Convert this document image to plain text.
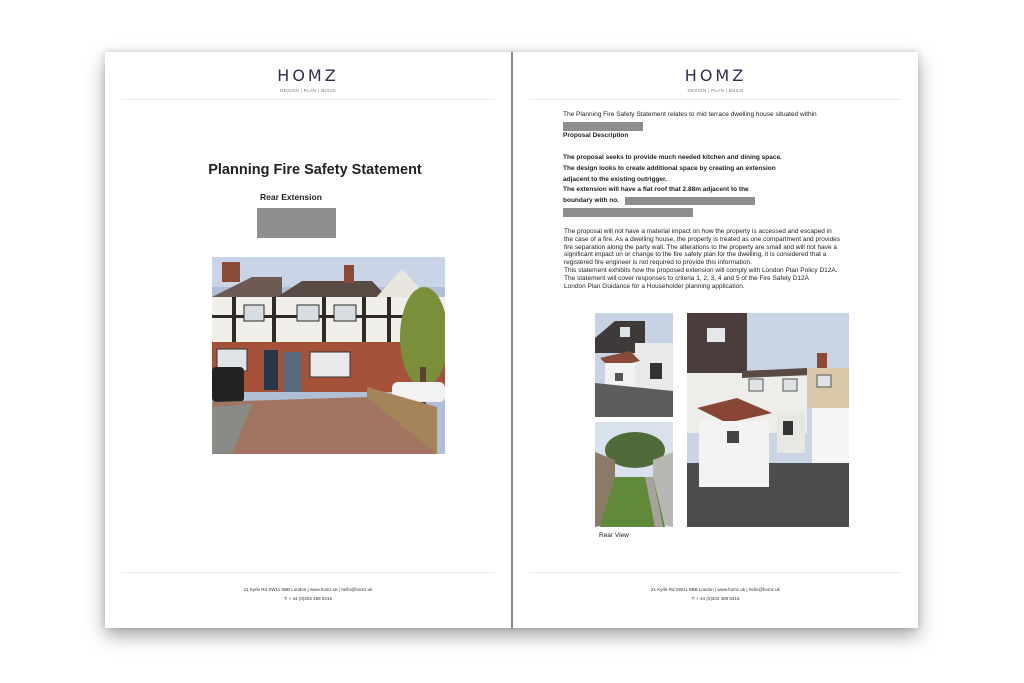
HOMZ
DESIGN | PLAN | BUILD
Planning Fire Safety Statement
Rear Extension
21 Kyrle Rd SW11 6BB London | www.homz.uk | hello@homz.uk
T: + 44 (0)203 488 8415
HOMZ
DESIGN | PLAN | BUILD
The Planning Fire Safety Statement relates to mid terrace dwelling house situated within
Proposal Description
The proposal seeks to provide much needed kitchen and dining space.
The design looks to create additional space by creating an extension
adjacent to the existing outrigger.
The extension will have a flat roof that 2.88m adjacent to the
boundary with no.
The proposal will not have a material impact on how the property is accessed and escaped in
the case of a fire. As a dwelling house, the property is treated as one compartment and provides
fire separation along the party wall. The alterations to the property are small and will not have a
significant impact on or change to the fire safety plan for the dwelling, it is considered that a
registered fire engineer is not required to provide this information.
This statement exhibits how the proposed extension will comply with London Plan Policy D12A.
The statement will cover responses to criteria 1, 2, 3, 4 and 5 of the Fire Safety D12A
London Plan Guidance for a Householder planning application.
Rear View
21 Kyrle Rd SW11 6BB London | www.homz.uk | hello@homz.uk
T: + 44 (0)203 488 8415
